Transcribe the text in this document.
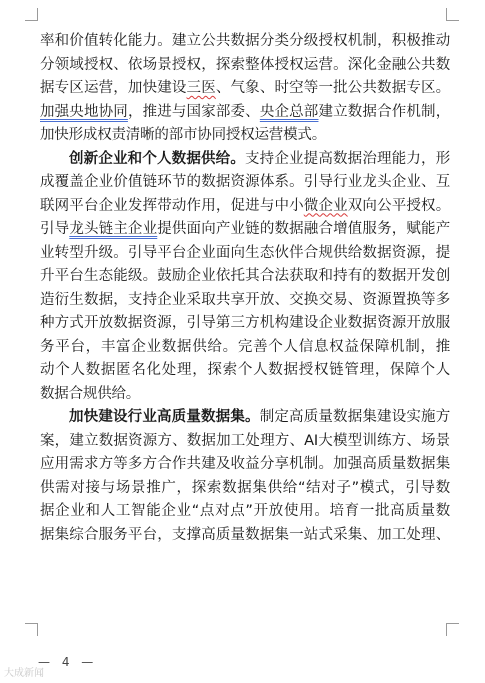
率和价值转化能力。建立公共数据分类分级授权机制，积极推动
分领域授权、依场景授权，探索整体授权运营。深化金融公共数
据专区运营，加快建设三医、气象、时空等一批公共数据专区。
加强央地协同，推进与国家部委、央企总部建立数据合作机制，
加快形成权责清晰的部市协同授权运营模式。
创新企业和个人数据供给。支持企业提高数据治理能力，形
成覆盖企业价值链环节的数据资源体系。引导行业龙头企业、互
联网平台企业发挥带动作用，促进与中小微企业双向公平授权。
引导龙头链主企业提供面向产业链的数据融合增值服务，赋能产
业转型升级。引导平台企业面向生态伙伴合规供给数据资源，提
升平台生态能级。鼓励企业依托其合法获取和持有的数据开发创
造衍生数据，支持企业采取共享开放、交换交易、资源置换等多
种方式开放数据资源，引导第三方机构建设企业数据资源开放服
务平台，丰富企业数据供给。完善个人信息权益保障机制，推
动个人数据匿名化处理，探索个人数据授权链管理，保障个人
数据合规供给。
加快建设行业高质量数据集。制定高质量数据集建设实施方
案，建立数据资源方、数据加工处理方、AI大模型训练方、场景
应用需求方等多方合作共建及收益分享机制。加强高质量数据集
供需对接与场景推广，探索数据集供给“结对子”模式，引导数
据企业和人工智能企业“点对点”开放使用。培育一批高质量数
据集综合服务平台，支撑高质量数据集一站式采集、加工处理、
— 4 —
大成新闻
